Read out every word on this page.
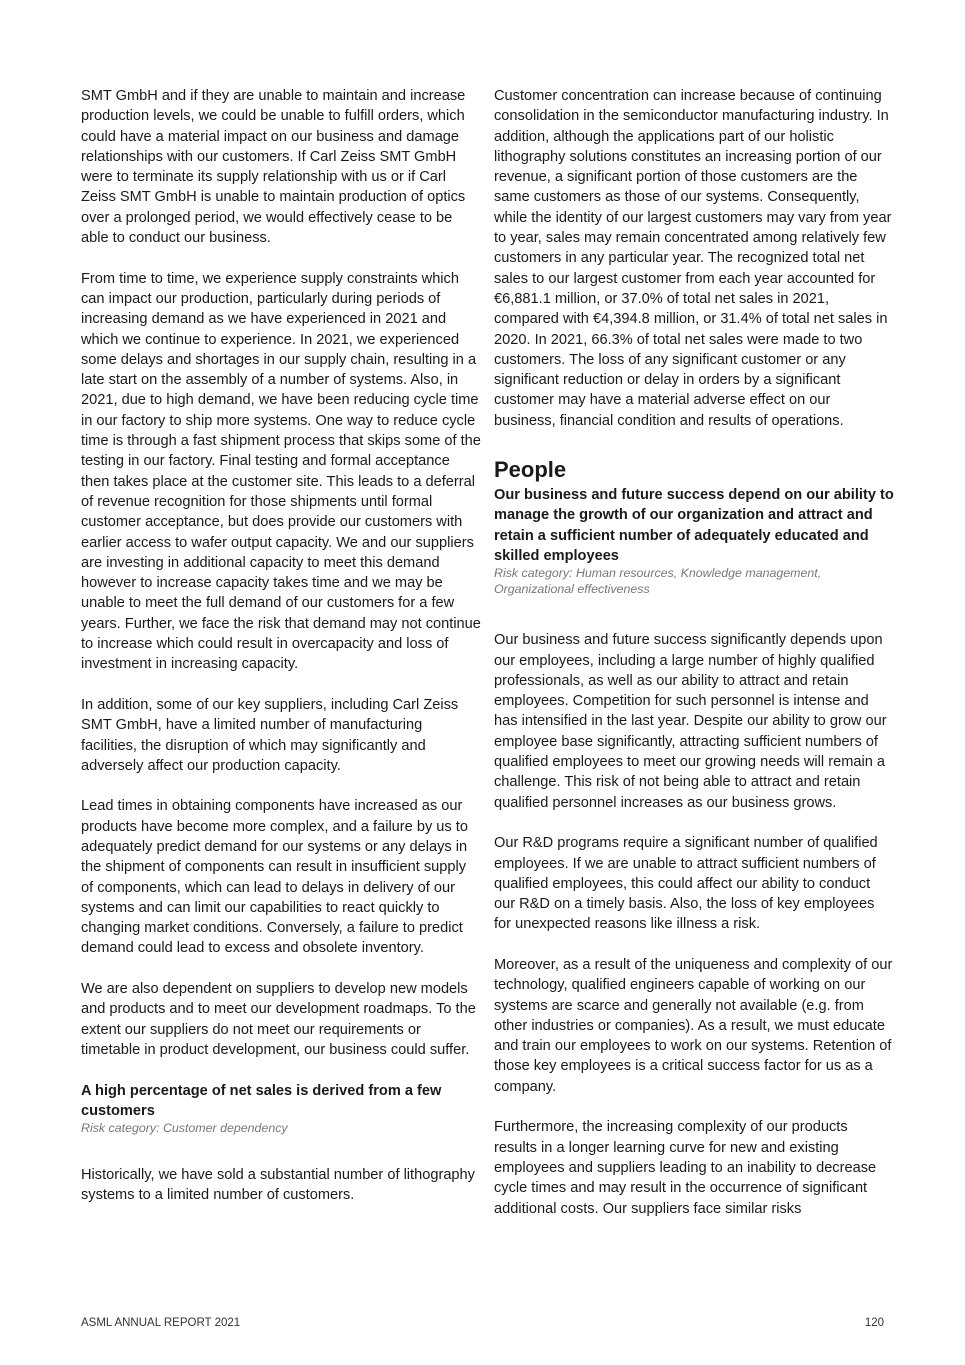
SMT GmbH and if they are unable to maintain and increase production levels, we could be unable to fulfill orders, which could have a material impact on our business and damage relationships with our customers. If Carl Zeiss SMT GmbH were to terminate its supply relationship with us or if Carl Zeiss SMT GmbH is unable to maintain production of optics over a prolonged period, we would effectively cease to be able to conduct our business.

From time to time, we experience supply constraints which can impact our production, particularly during periods of increasing demand as we have experienced in 2021 and which we continue to experience. In 2021, we experienced some delays and shortages in our supply chain, resulting in a late start on the assembly of a number of systems. Also, in 2021, due to high demand, we have been reducing cycle time in our factory to ship more systems. One way to reduce cycle time is through a fast shipment process that skips some of the testing in our factory. Final testing and formal acceptance then takes place at the customer site. This leads to a deferral of revenue recognition for those shipments until formal customer acceptance, but does provide our customers with earlier access to wafer output capacity. We and our suppliers are investing in additional capacity to meet this demand however to increase capacity takes time and we may be unable to meet the full demand of our customers for a few years. Further, we face the risk that demand may not continue to increase which could result in overcapacity and loss of investment in increasing capacity.

In addition, some of our key suppliers, including Carl Zeiss SMT GmbH, have a limited number of manufacturing facilities, the disruption of which may significantly and adversely affect our production capacity.

Lead times in obtaining components have increased as our products have become more complex, and a failure by us to adequately predict demand for our systems or any delays in the shipment of components can result in insufficient supply of components, which can lead to delays in delivery of our systems and can limit our capabilities to react quickly to changing market conditions. Conversely, a failure to predict demand could lead to excess and obsolete inventory.

We are also dependent on suppliers to develop new models and products and to meet our development roadmaps. To the extent our suppliers do not meet our requirements or timetable in product development, our business could suffer.

A high percentage of net sales is derived from a few customers
Risk category: Customer dependency

Historically, we have sold a substantial number of lithography systems to a limited number of customers.

Customer concentration can increase because of continuing consolidation in the semiconductor manufacturing industry. In addition, although the applications part of our holistic lithography solutions constitutes an increasing portion of our revenue, a significant portion of those customers are the same customers as those of our systems. Consequently, while the identity of our largest customers may vary from year to year, sales may remain concentrated among relatively few customers in any particular year. The recognized total net sales to our largest customer from each year accounted for €6,881.1 million, or 37.0% of total net sales in 2021, compared with €4,394.8 million, or 31.4% of total net sales in 2020. In 2021, 66.3% of total net sales were made to two customers. The loss of any significant customer or any significant reduction or delay in orders by a significant customer may have a material adverse effect on our business, financial condition and results of operations.

People
Our business and future success depend on our ability to manage the growth of our organization and attract and retain a sufficient number of adequately educated and skilled employees
Risk category: Human resources, Knowledge management, Organizational effectiveness

Our business and future success significantly depends upon our employees, including a large number of highly qualified professionals, as well as our ability to attract and retain employees. Competition for such personnel is intense and has intensified in the last year. Despite our ability to grow our employee base significantly, attracting sufficient numbers of qualified employees to meet our growing needs will remain a challenge. This risk of not being able to attract and retain qualified personnel increases as our business grows.

Our R&D programs require a significant number of qualified employees. If we are unable to attract sufficient numbers of qualified employees, this could affect our ability to conduct our R&D on a timely basis. Also, the loss of key employees for unexpected reasons like illness a risk.

Moreover, as a result of the uniqueness and complexity of our technology, qualified engineers capable of working on our systems are scarce and generally not available (e.g. from other industries or companies). As a result, we must educate and train our employees to work on our systems. Retention of those key employees is a critical success factor for us as a company.

Furthermore, the increasing complexity of our products results in a longer learning curve for new and existing employees and suppliers leading to an inability to decrease cycle times and may result in the occurrence of significant additional costs. Our suppliers face similar risks

ASML ANNUAL REPORT 2021	120
